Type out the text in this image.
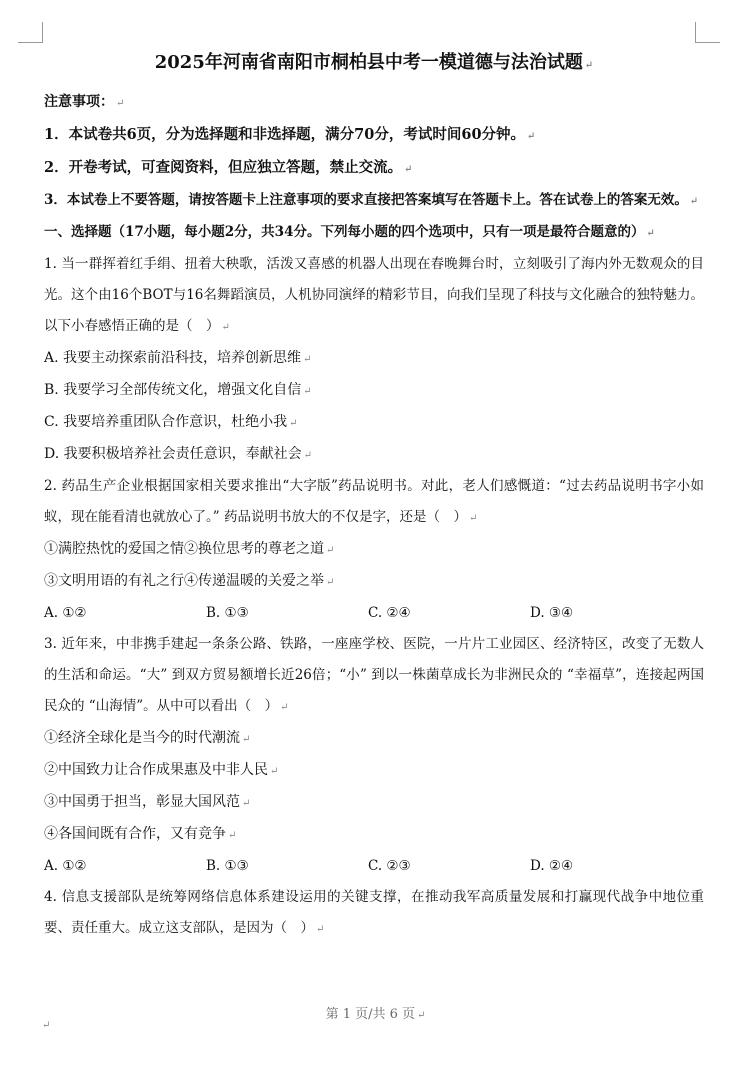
2025年河南省南阳市桐柏县中考一模道德与法治试题 ↵
注意事项： ↵
1．本试卷共6页，分为选择题和非选择题，满分70分，考试时间60分钟。 ↵
2．开卷考试，可查阅资料，但应独立答题，禁止交流。 ↵
3．本试卷上不要答题，请按答题卡上注意事项的要求直接把答案填写在答题卡上。答在试卷上的答案无效。 ↵
一、选择题（17小题，每小题2分，共34分。下列每小题的四个选项中，只有一项是最符合题意的） ↵
1. 当一群挥着红手绢、扭着大秧歌，活泼又喜感的机器人出现在春晚舞台时，立刻吸引了海内外无数观众的目光。这个由16个BOT与16名舞蹈演员，人机协同演绎的精彩节目，向我们呈现了科技与文化融合的独特魅力。以下小春感悟正确的是（　） ↵
A. 我要主动探索前沿科技，培养创新思维 ↵
B. 我要学习全部传统文化，增强文化自信 ↵
C. 我要培养重团队合作意识，杜绝小我 ↵
D. 我要积极培养社会责任意识，奉献社会 ↵
2. 药品生产企业根据国家相关要求推出“大字版”药品说明书。对此，老人们感慨道：“过去药品说明书字小如蚁，现在能看清也就放心了。” 药品说明书放大的不仅是字，还是（　） ↵
①满腔热忱的爱国之情②换位思考的尊老之道 ↵
③文明用语的有礼之行④传递温暖的关爱之举 ↵
A. ①②	B. ①③	C. ②④	D. ③④
3. 近年来，中非携手建起一条条公路、铁路，一座座学校、医院，一片片工业园区、经济特区，改变了无数人的生活和命运。“大” 到双方贸易额增长近26倍；“小” 到以一株菌草成长为非洲民众的 “幸福草”，连接起两国民众的 “山海情”。从中可以看出（　） ↵
①经济全球化是当今的时代潮流 ↵
②中国致力让合作成果惠及中非人民 ↵
③中国勇于担当，彰显大国风范 ↵
④各国间既有合作，又有竞争 ↵
A. ①②	B. ①③	C. ②③	D. ②④
4. 信息支援部队是统筹网络信息体系建设运用的关键支撑，在推动我军高质量发展和打赢现代战争中地位重要、责任重大。成立这支部队，是因为（　） ↵
第 1 页/共 6 页 ↵
↵
